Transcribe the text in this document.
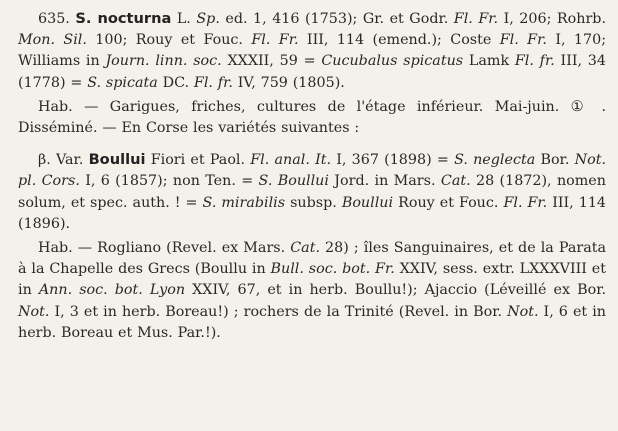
635. S. nocturna L. Sp. ed. 1, 416 (1753); Gr. et Godr. Fl. Fr. I, 206; Rohrb. Mon. Sil. 100; Rouy et Fouc. Fl. Fr. III, 114 (emend.); Coste Fl. Fr. I, 170; Williams in Journ. linn. soc. XXXII, 59 = Cucubalus spicatus Lamk Fl. fr. III, 34 (1778) = S. spicata DC. Fl. fr. IV, 759 (1805).

Hab. — Garigues, friches, cultures de l'étage inférieur. Mai-juin. ① . Disséminé. — En Corse les variétés suivantes :

β. Var. Boullui Fiori et Paol. Fl. anal. It. I, 367 (1898) = S. neglecta Bor. Not. pl. Cors. I, 6 (1857); non Ten. = S. Boullui Jord. in Mars. Cat. 28 (1872), nomen solum, et spec. auth. ! = S. mirabilis subsp. Boullui Rouy et Fouc. Fl. Fr. III, 114 (1896).

Hab. — Rogliano (Revel. ex Mars. Cat. 28) ; îles Sanguinaires, et de la Parata à la Chapelle des Grecs (Boullu in Bull. soc. bot. Fr. XXIV, sess. extr. LXXXVIII et in Ann. soc. bot. Lyon XXIV, 67, et in herb. Boullu!); Ajaccio (Léveillé ex Bor. Not. I, 3 et in herb. Boreau!) ; rochers de la Trinité (Revel. in Bor. Not. I, 6 et in herb. Boreau et Mus. Par.!).
